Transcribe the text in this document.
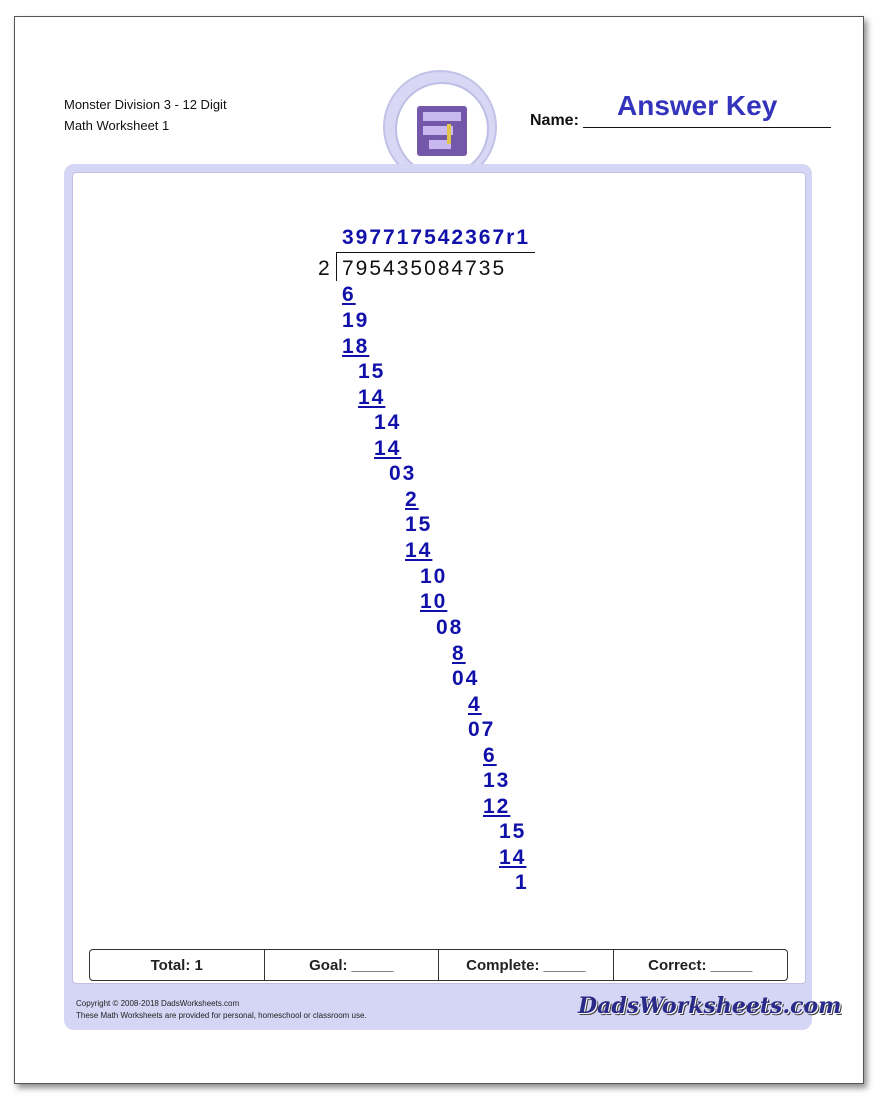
Monster Division 3 - 12 Digit
Math Worksheet 1	Name: Answer Key
397717542367r1
2 795435084735
6
19
18
15
14
14
14
03
2
15
14
10
10
08
8
04
4
07
6
13
12
15
14
1
Total: 1	Goal: _____	Complete: _____	Correct: _____
Copyright © 2008-2018 DadsWorksheets.com
These Math Worksheets are provided for personal, homeschool or classroom use.	DadsWorksheets.com
